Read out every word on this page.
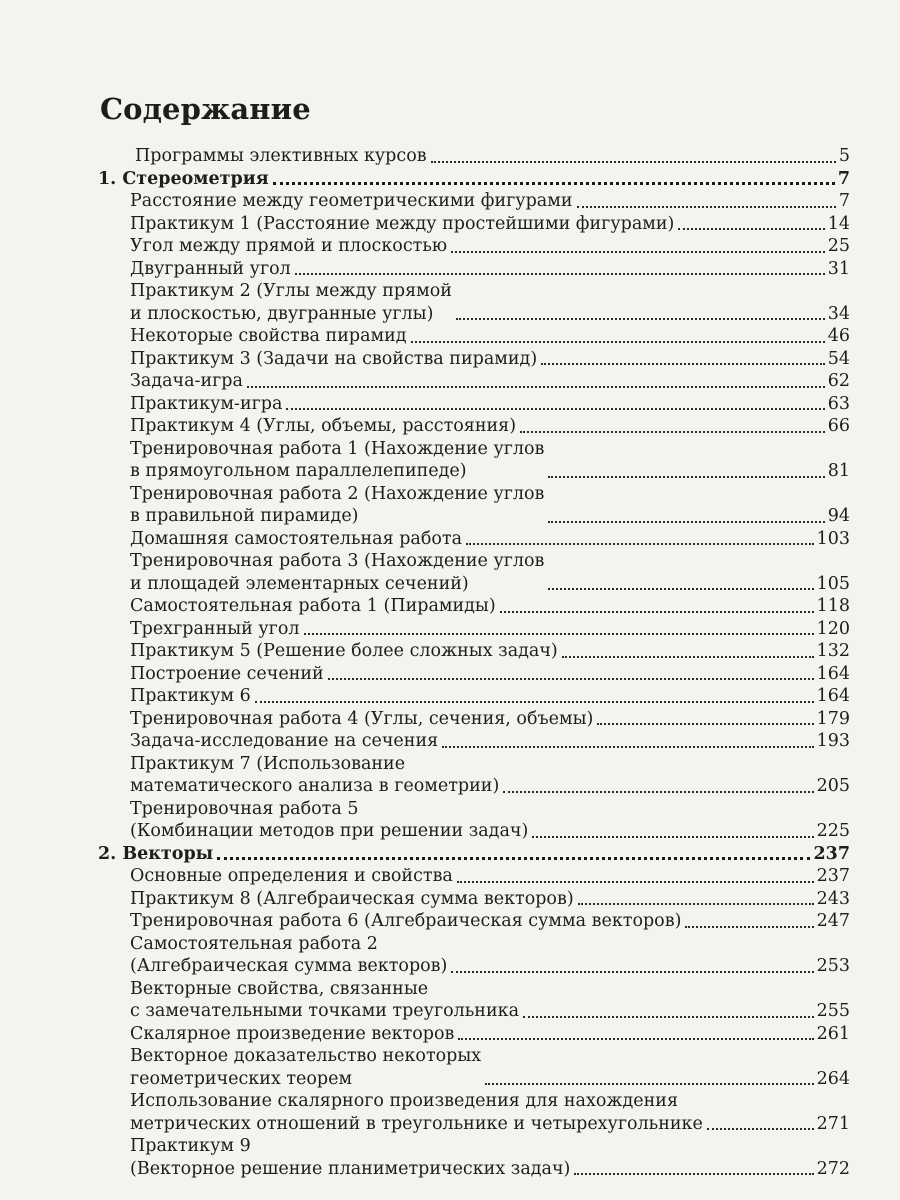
Содержание
Программы элективных курсов	5
1. Стереометрия	7
Расстояние между геометрическими фигурами	7
Практикум 1 (Расстояние между простейшими фигурами)	14
Угол между прямой и плоскостью	25
Двугранный угол	31
Практикум 2 (Углы между прямой
и плоскостью, двугранные углы)	34
Некоторые свойства пирамид	46
Практикум 3 (Задачи на свойства пирамид)	54
Задача-игра	62
Практикум-игра	63
Практикум 4 (Углы, объемы, расстояния)	66
Тренировочная работа 1 (Нахождение углов
в прямоугольном параллелепипеде)	81
Тренировочная работа 2 (Нахождение углов
в правильной пирамиде)	94
Домашняя самостоятельная работа	103
Тренировочная работа 3 (Нахождение углов
и площадей элементарных сечений)	105
Самостоятельная работа 1 (Пирамиды)	118
Трехгранный угол	120
Практикум 5 (Решение более сложных задач)	132
Построение сечений	164
Практикум 6	164
Тренировочная работа 4 (Углы, сечения, объемы)	179
Задача-исследование на сечения	193
Практикум 7 (Использование
математического анализа в геометрии)	205
Тренировочная работа 5
(Комбинации методов при решении задач)	225
2. Векторы	237
Основные определения и свойства	237
Практикум 8 (Алгебраическая сумма векторов)	243
Тренировочная работа 6 (Алгебраическая сумма векторов)	247
Самостоятельная работа 2
(Алгебраическая сумма векторов)	253
Векторные свойства, связанные
с замечательными точками треугольника	255
Скалярное произведение векторов	261
Векторное доказательство некоторых
геометрических теорем	264
Использование скалярного произведения для нахождения
метрических отношений в треугольнике и четырехугольнике	271
Практикум 9
(Векторное решение планиметрических задач)	272
